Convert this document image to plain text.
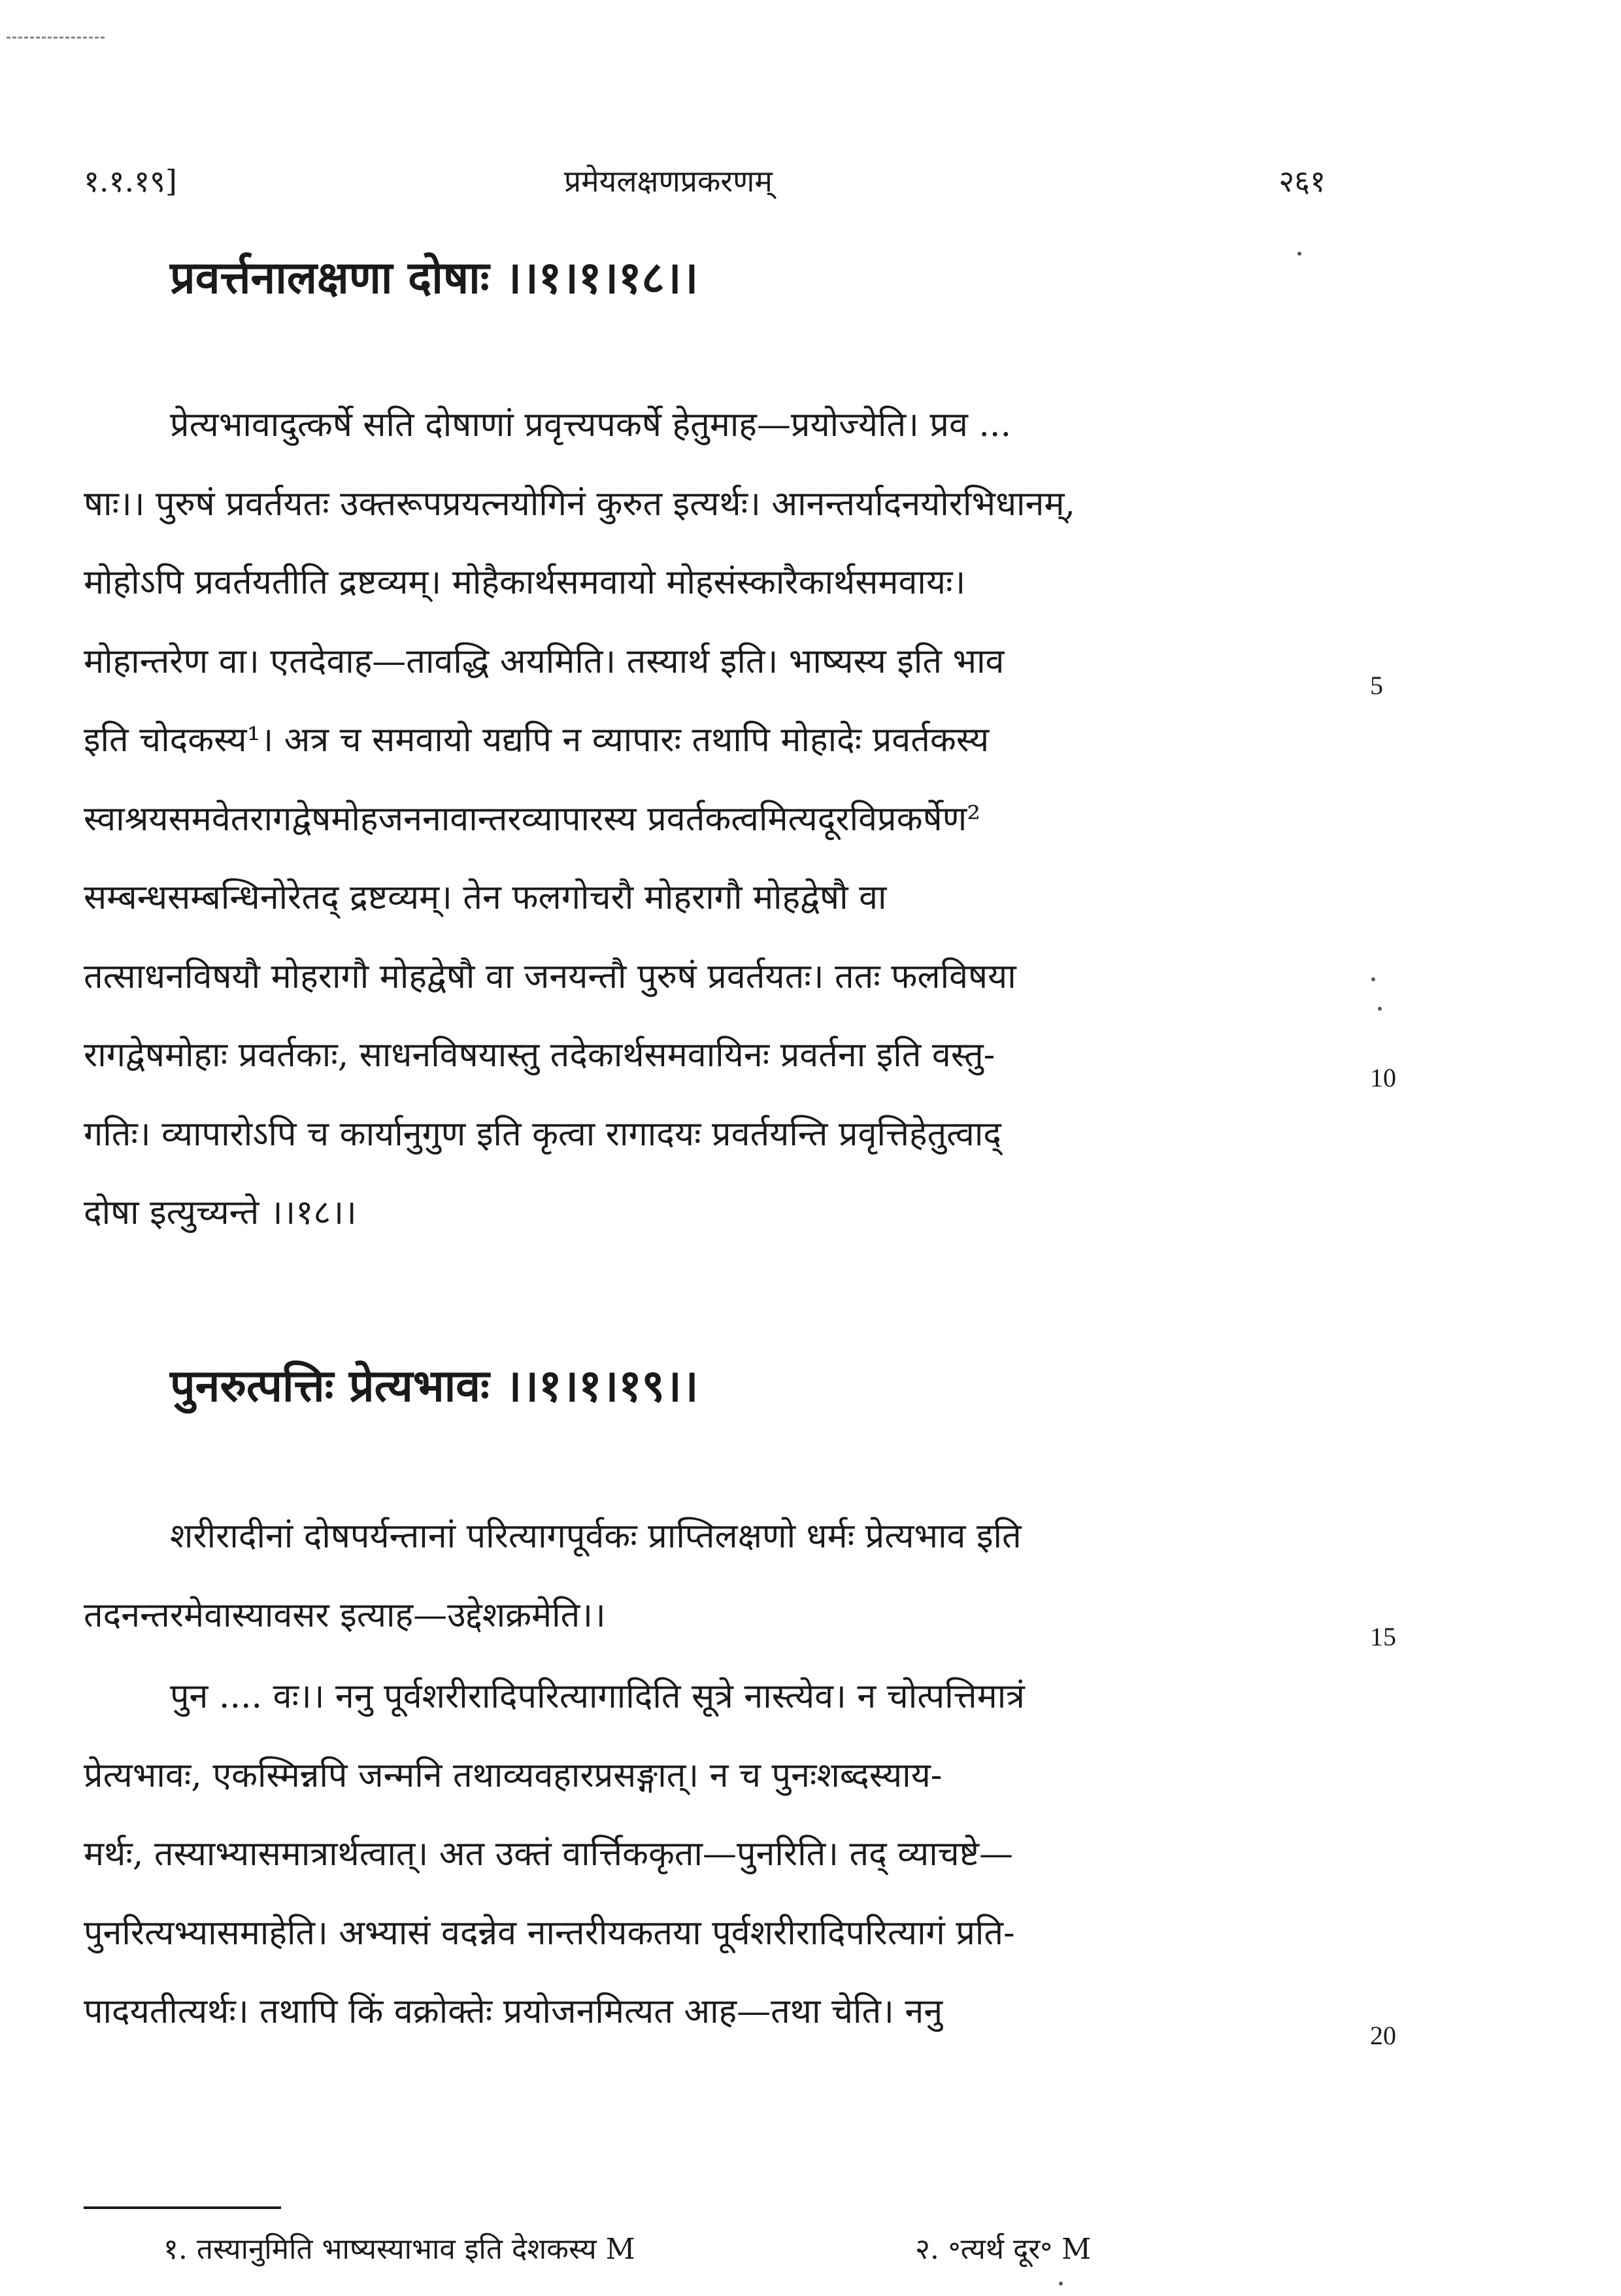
१.१.१९]	प्रमेयलक्षणप्रकरणम्	२६१
प्रवर्त्तनालक्षणा दोषाः ।।१।१।१८।।
प्रेत्यभावादुत्कर्षे सति दोषाणां प्रवृत्त्यपकर्षे हेतुमाह—प्रयोज्येति। प्रव ...
षाः।। पुरुषं प्रवर्तयतः उक्तरूपप्रयत्नयोगिनं कुरुत इत्यर्थः। आनन्तर्यादनयोरभिधानम्,
मोहोऽपि प्रवर्तयतीति द्रष्टव्यम्। मोहैकार्थसमवायो मोहसंस्कारैकार्थसमवायः।
मोहान्तरेण वा। एतदेवाह—तावद्धि अयमिति। तस्यार्थ इति। भाष्यस्य इति भाव
इति चोदकस्य¹। अत्र च समवायो यद्यपि न व्यापारः तथापि मोहादेः प्रवर्तकस्य
स्वाश्रयसमवेतरागद्वेषमोहजननावान्तरव्यापारस्य प्रवर्तकत्वमित्यदूरविप्रकर्षेण²
सम्बन्धसम्बन्धिनोरेतद् द्रष्टव्यम्। तेन फलगोचरौ मोहरागौ मोहद्वेषौ वा
तत्साधनविषयौ मोहरागौ मोहद्वेषौ वा जनयन्तौ पुरुषं प्रवर्तयतः। ततः फलविषया
रागद्वेषमोहाः प्रवर्तकाः, साधनविषयास्तु तदेकार्थसमवायिनः प्रवर्तना इति वस्तु-
गतिः। व्यापारोऽपि च कार्यानुगुण इति कृत्वा रागादयः प्रवर्तयन्ति प्रवृत्तिहेतुत्वाद्
दोषा इत्युच्यन्ते ।।१८।।
पुनरुत्पत्तिः प्रेत्यभावः ।।१।१।१९।।
शरीरादीनां दोषपर्यन्तानां परित्यागपूर्वकः प्राप्तिलक्षणो धर्मः प्रेत्यभाव इति
तदनन्तरमेवास्यावसर इत्याह—उद्देशक्रमेति।।
पुन .... वः।। ननु पूर्वशरीरादिपरित्यागादिति सूत्रे नास्त्येव। न चोत्पत्तिमात्रं
प्रेत्यभावः, एकस्मिन्नपि जन्मनि तथाव्यवहारप्रसङ्गात्। न च पुनःशब्दस्याय-
मर्थः, तस्याभ्यासमात्रार्थत्वात्। अत उक्तं वार्त्तिककृता—पुनरिति। तद् व्याचष्टे—
पुनरित्यभ्यासमाहेति। अभ्यासं वदन्नेव नान्तरीयकतया पूर्वशरीरादिपरित्यागं प्रति-
पादयतीत्यर्थः। तथापि किं वक्रोक्तेः प्रयोजनमित्यत आह—तथा चेति। ननु
5
10
15
20
१. तस्यानुमिति भाष्यस्याभाव इति देशकस्य M	२. ॰त्यर्थ दूर॰ M
